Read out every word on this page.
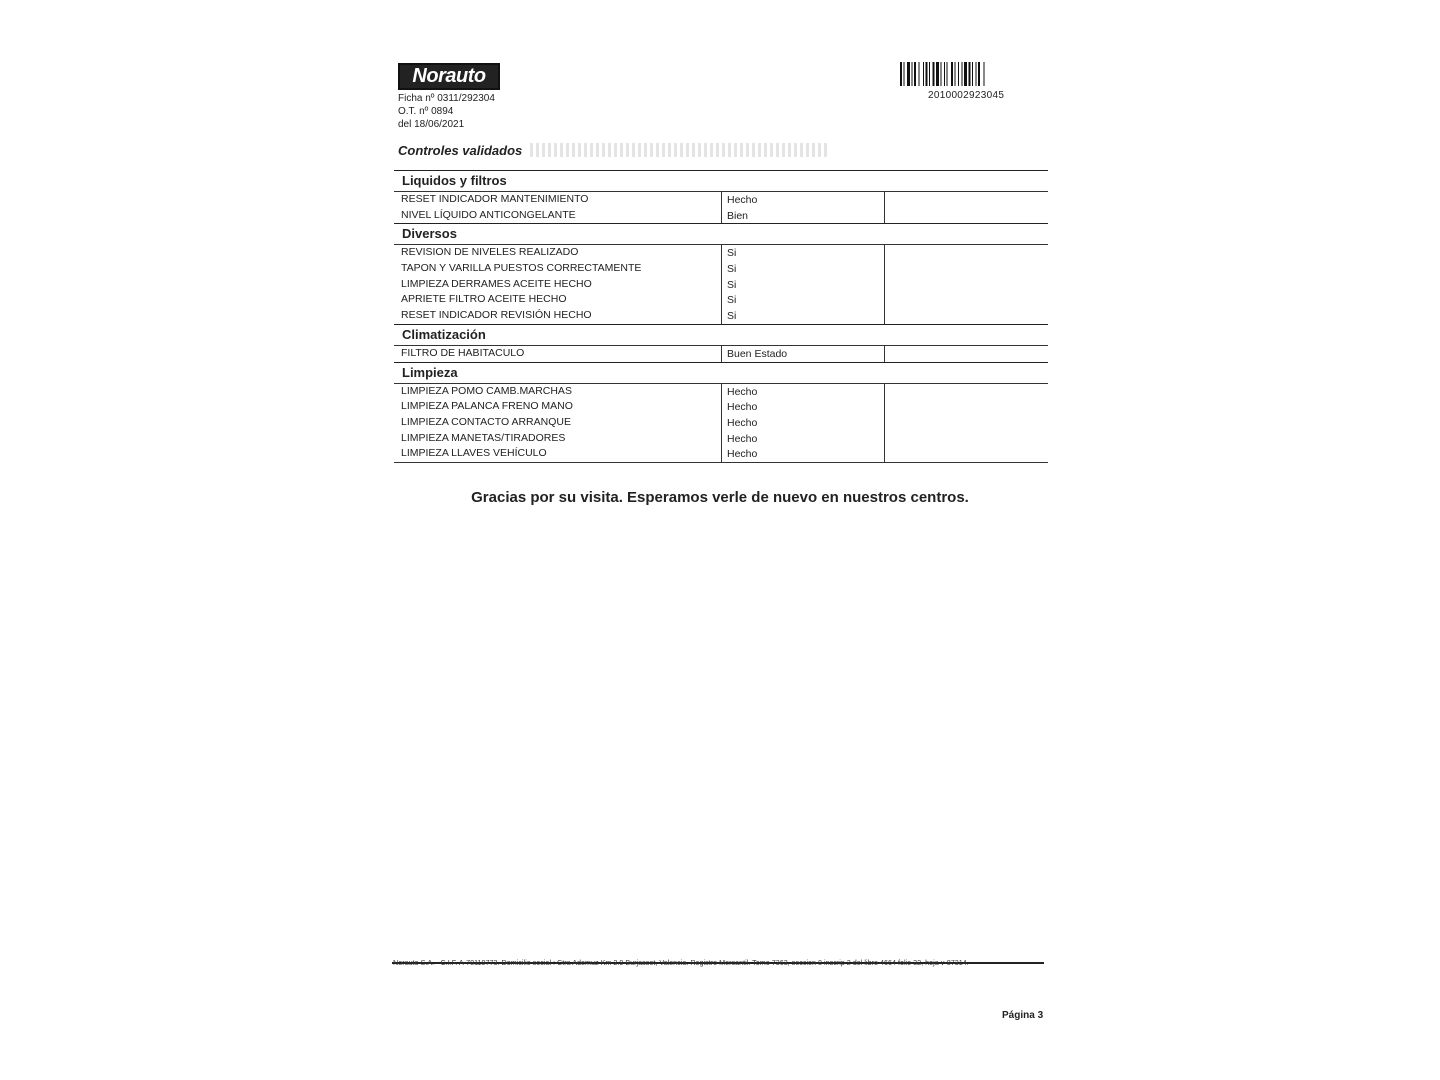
Norauto
Ficha nº 0311/292304
O.T. nº 0894
del 18/06/2021
2010002923045
Controles validados
Liquidos y filtros
RESET INDICADOR MANTENIMIENTO	Hecho
NIVEL LÍQUIDO ANTICONGELANTE	Bien
Diversos
REVISION DE NIVELES REALIZADO	Si
TAPON Y VARILLA PUESTOS CORRECTAMENTE	Si
LIMPIEZA DERRAMES ACEITE HECHO	Si
APRIETE FILTRO ACEITE HECHO	Si
RESET INDICADOR REVISIÓN HECHO	Si
Climatización
FILTRO DE HABITACULO	Buen Estado
Limpieza
LIMPIEZA POMO CAMB.MARCHAS	Hecho
LIMPIEZA PALANCA FRENO MANO	Hecho
LIMPIEZA CONTACTO ARRANQUE	Hecho
LIMPIEZA MANETAS/TIRADORES	Hecho
LIMPIEZA LLAVES VEHÍCULO	Hecho
Gracias por su visita. Esperamos verle de nuevo en nuestros centros.
Norauto S.A. - C.I.F. A-78119773. Domicilio social : Ctra Ademuz Km 2.9 Burjassot, Valencia. Registro Mercantil. Tomo 7363, seccion 8 inscrip 2 del libro 4664 folio 32, hoja v-87314.
Página 3
